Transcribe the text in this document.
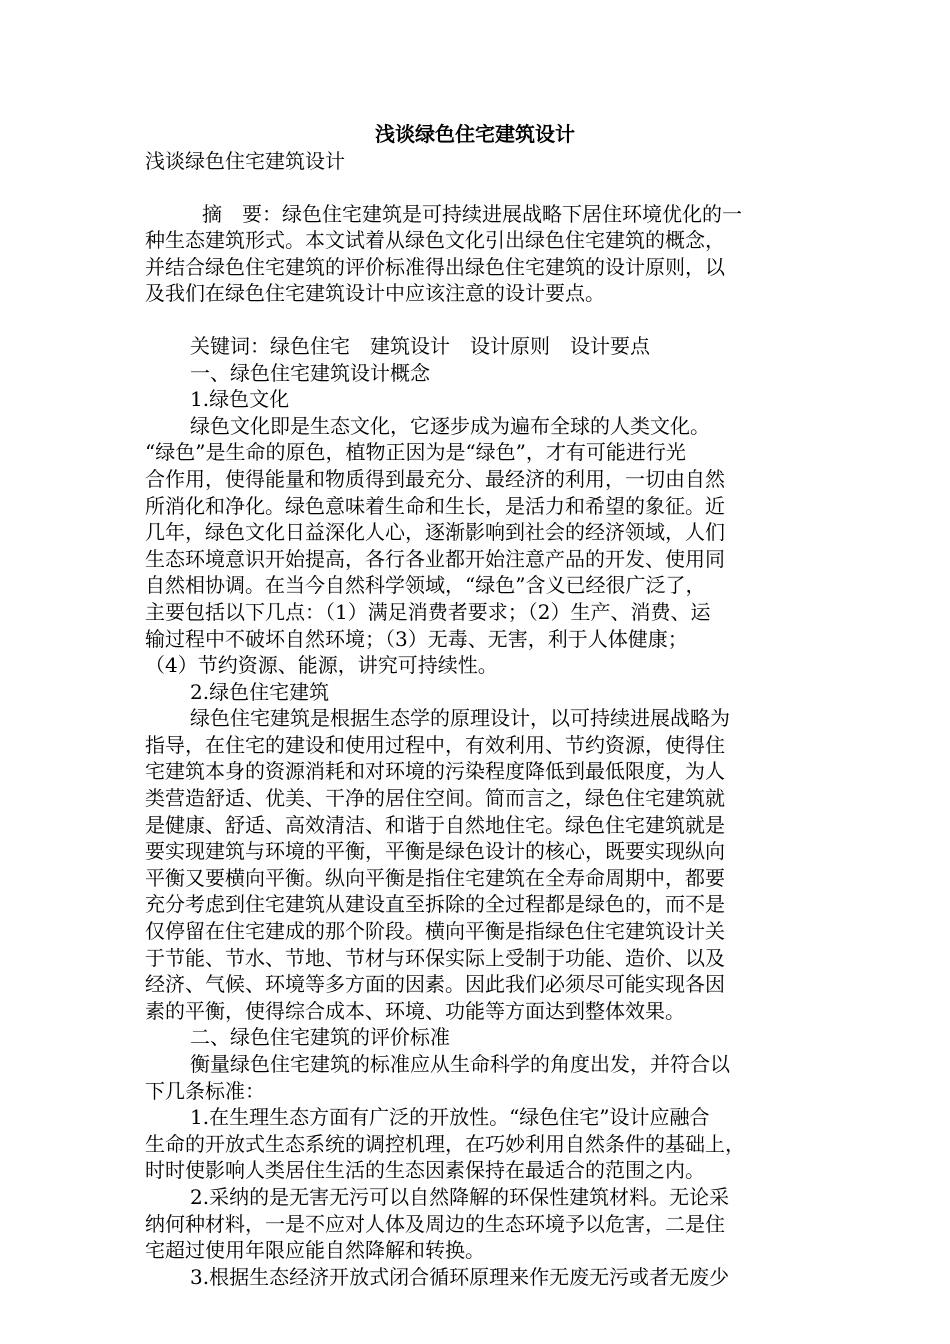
浅谈绿色住宅建筑设计
浅谈绿色住宅建筑设计
摘　要：绿色住宅建筑是可持续进展战略下居住环境优化的一
种生态建筑形式。本文试着从绿色文化引出绿色住宅建筑的概念，
并结合绿色住宅建筑的评价标准得出绿色住宅建筑的设计原则，以
及我们在绿色住宅建筑设计中应该注意的设计要点。
关键词：绿色住宅　建筑设计　设计原则　设计要点
一、绿色住宅建筑设计概念
1.绿色文化
绿色文化即是生态文化，它逐步成为遍布全球的人类文化。
“绿色”是生命的原色，植物正因为是“绿色”，才有可能进行光
合作用，使得能量和物质得到最充分、最经济的利用，一切由自然
所消化和净化。绿色意味着生命和生长，是活力和希望的象征。近
几年，绿色文化日益深化人心，逐渐影响到社会的经济领域，人们
生态环境意识开始提高，各行各业都开始注意产品的开发、使用同
自然相协调。在当今自然科学领域，“绿色”含义已经很广泛了，
主要包括以下几点：（1）满足消费者要求；（2）生产、消费、运
输过程中不破坏自然环境；（3）无毒、无害，利于人体健康；
（4）节约资源、能源，讲究可持续性。
2.绿色住宅建筑
绿色住宅建筑是根据生态学的原理设计，以可持续进展战略为
指导，在住宅的建设和使用过程中，有效利用、节约资源，使得住
宅建筑本身的资源消耗和对环境的污染程度降低到最低限度，为人
类营造舒适、优美、干净的居住空间。简而言之，绿色住宅建筑就
是健康、舒适、高效清洁、和谐于自然地住宅。绿色住宅建筑就是
要实现建筑与环境的平衡，平衡是绿色设计的核心，既要实现纵向
平衡又要横向平衡。纵向平衡是指住宅建筑在全寿命周期中，都要
充分考虑到住宅建筑从建设直至拆除的全过程都是绿色的，而不是
仅停留在住宅建成的那个阶段。横向平衡是指绿色住宅建筑设计关
于节能、节水、节地、节材与环保实际上受制于功能、造价、以及
经济、气候、环境等多方面的因素。因此我们必须尽可能实现各因
素的平衡，使得综合成本、环境、功能等方面达到整体效果。
二、绿色住宅建筑的评价标准
衡量绿色住宅建筑的标准应从生命科学的角度出发，并符合以
下几条标准：
1.在生理生态方面有广泛的开放性。“绿色住宅”设计应融合
生命的开放式生态系统的调控机理，在巧妙利用自然条件的基础上，
时时使影响人类居住生活的生态因素保持在最适合的范围之内。
2.采纳的是无害无污可以自然降解的环保性建筑材料。无论采
纳何种材料，一是不应对人体及周边的生态环境予以危害，二是住
宅超过使用年限应能自然降解和转换。
3.根据生态经济开放式闭合循环原理来作无废无污或者无废少
